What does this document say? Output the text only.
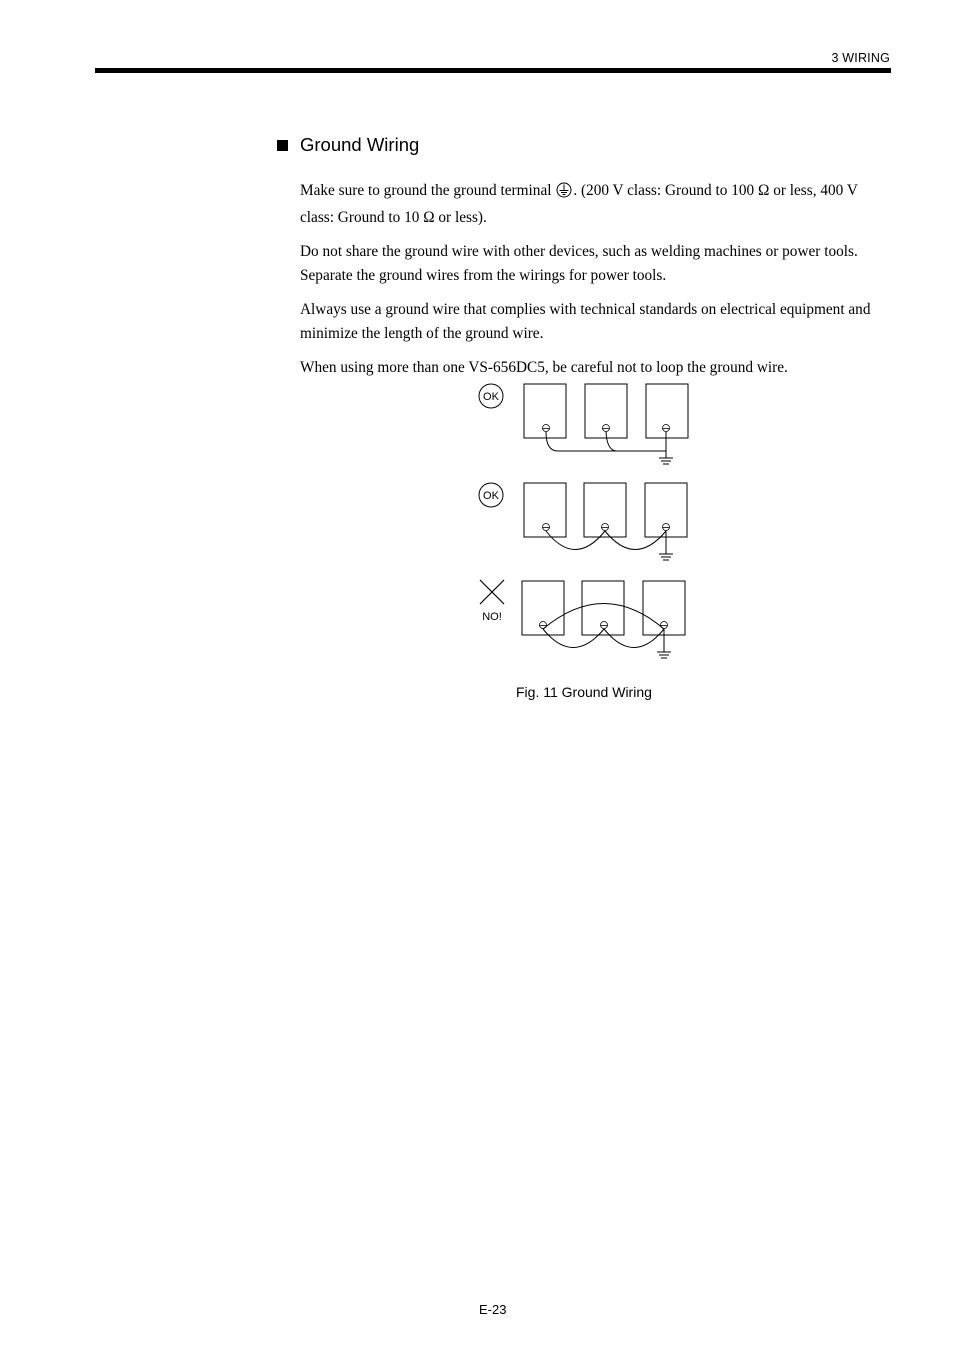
3 WIRING
Ground Wiring

Make sure to ground the ground terminal . (200 V class: Ground to 100 Ω or less, 400 V class: Ground to 10 Ω or less).

Do not share the ground wire with other devices, such as welding machines or power tools. Separate the ground wires from the wirings for power tools.

Always use a ground wire that complies with technical standards on electrical equipment and minimize the length of the ground wire.

When using more than one VS-656DC5, be careful not to loop the ground wire.

OK
OK
NO!
Fig. 11 Ground Wiring
E-23
